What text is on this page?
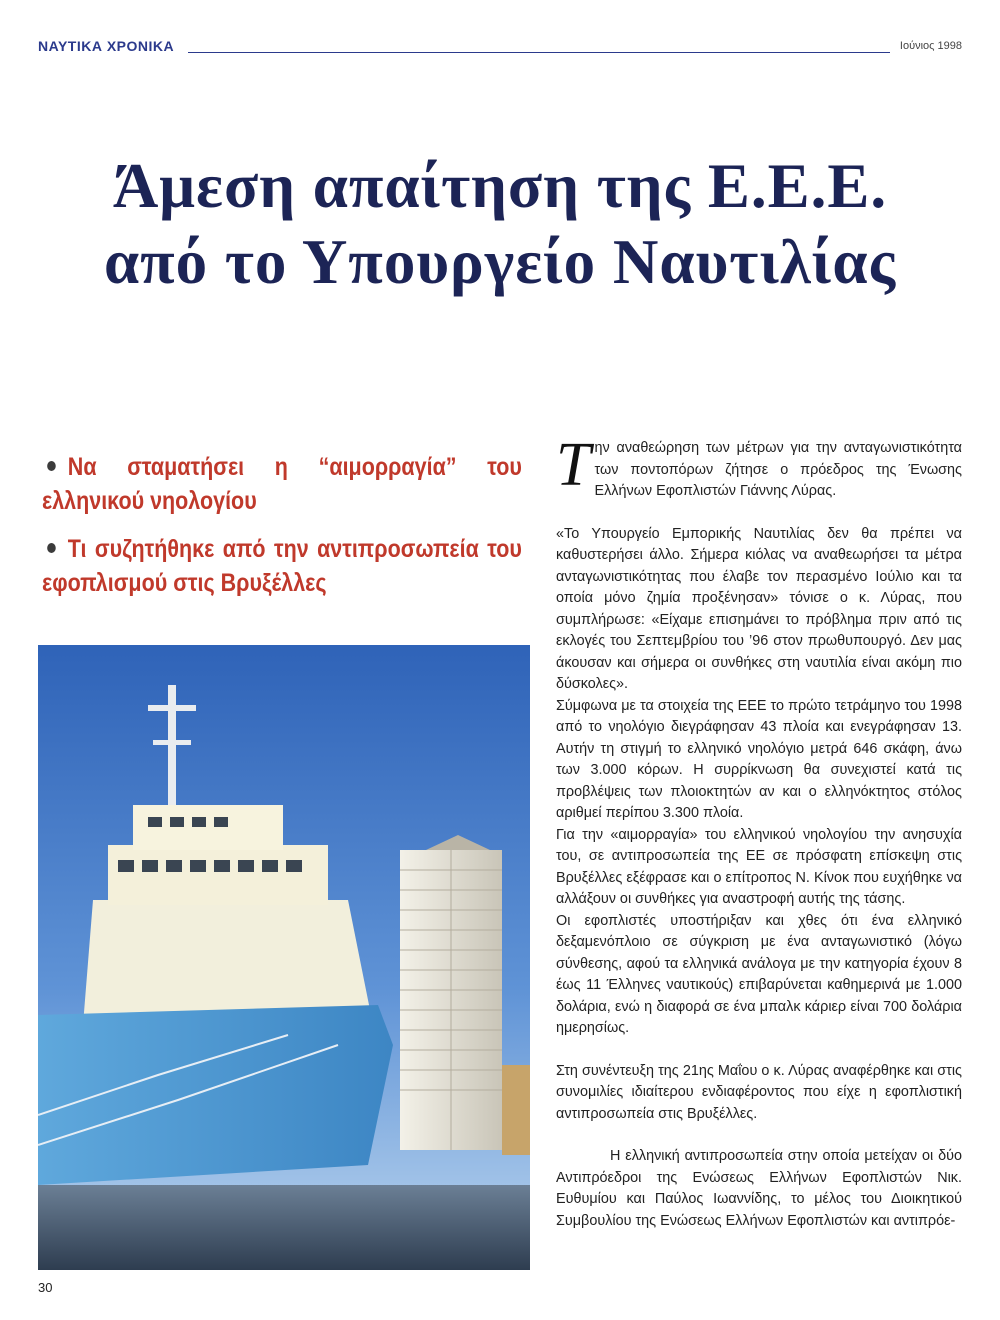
ΝΑΥΤΙΚΑ ΧΡΟΝΙΚΑ	Ιούνιος 1998
Άμεση απαίτηση της Ε.Ε.Ε.
από το Υπουργείο Ναυτιλίας
Να σταματήσει η “αιμορραγία” του ελληνικού νηολογίου
Τι συζητήθηκε από την αντιπροσωπεία του εφοπλισμού στις Βρυξέλλες

Την αναθεώρηση των μέτρων για την ανταγωνιστικότητα των ποντοπόρων ζήτησε ο πρόεδρος της Ένωσης Ελλήνων Εφοπλιστών Γιάννης Λύρας.

«Το Υπουργείο Εμπορικής Ναυτιλίας δεν θα πρέπει να καθυστερήσει άλλο. Σήμερα κιόλας να αναθεωρήσει τα μέτρα ανταγωνιστικότητας που έλαβε τον περασμένο Ιούλιο και τα οποία μόνο ζημία προξένησαν» τόνισε ο κ. Λύρας, που συμπλήρωσε: «Είχαμε επισημάνει το πρόβλημα πριν από τις εκλογές του Σεπτεμβρίου του ’96 στον πρωθυπουργό. Δεν μας άκουσαν και σήμερα οι συνθήκες στη ναυτιλία είναι ακόμη πιο δύσκολες».

Σύμφωνα με τα στοιχεία της ΕΕΕ το πρώτο τετράμηνο του 1998 από το νηολόγιο διεγράφησαν 43 πλοία και ενεγράφησαν 13. Αυτήν τη στιγμή το ελληνικό νηολόγιο μετρά 646 σκάφη, άνω των 3.000 κόρων. Η συρρίκνωση θα συνεχιστεί κατά τις προβλέψεις των πλοιοκτητών αν και ο ελληνόκτητος στόλος αριθμεί περίπου 3.300 πλοία.

Για την «αιμορραγία» του ελληνικού νηολογίου την ανησυχία του, σε αντιπροσωπεία της ΕΕ σε πρόσφατη επίσκεψη στις Βρυξέλλες εξέφρασε και ο επίτροπος Ν. Κίνοκ που ευχήθηκε να αλλάξουν οι συνθήκες για αναστροφή αυτής της τάσης.

Οι εφοπλιστές υποστήριξαν και χθες ότι ένα ελληνικό δεξαμενόπλοιο σε σύγκριση με ένα ανταγωνιστικό (λόγω σύνθεσης, αφού τα ελληνικά ανάλογα με την κατηγορία έχουν 8 έως 11 Έλληνες ναυτικούς) επιβαρύνεται καθημερινά με 1.000 δολάρια, ενώ η διαφορά σε ένα μπαλκ κάριερ είναι 700 δολάρια ημερησίως.

Στη συνέντευξη της 21ης Μαΐου ο κ. Λύρας αναφέρθηκε και στις συνομιλίες ιδιαίτερου ενδιαφέροντος που είχε η εφοπλιστική αντιπροσωπεία στις Βρυξέλλες.

Η ελληνική αντιπροσωπεία στην οποία μετείχαν οι δύο Αντιπρόεδροι της Ενώσεως Ελλήνων Εφοπλιστών Νικ. Ευθυμίου και Παύλος Ιωαννίδης, το μέλος του Διοικητικού Συμβουλίου της Ενώσεως Ελλήνων Εφοπλιστών και αντιπρόε-

30
